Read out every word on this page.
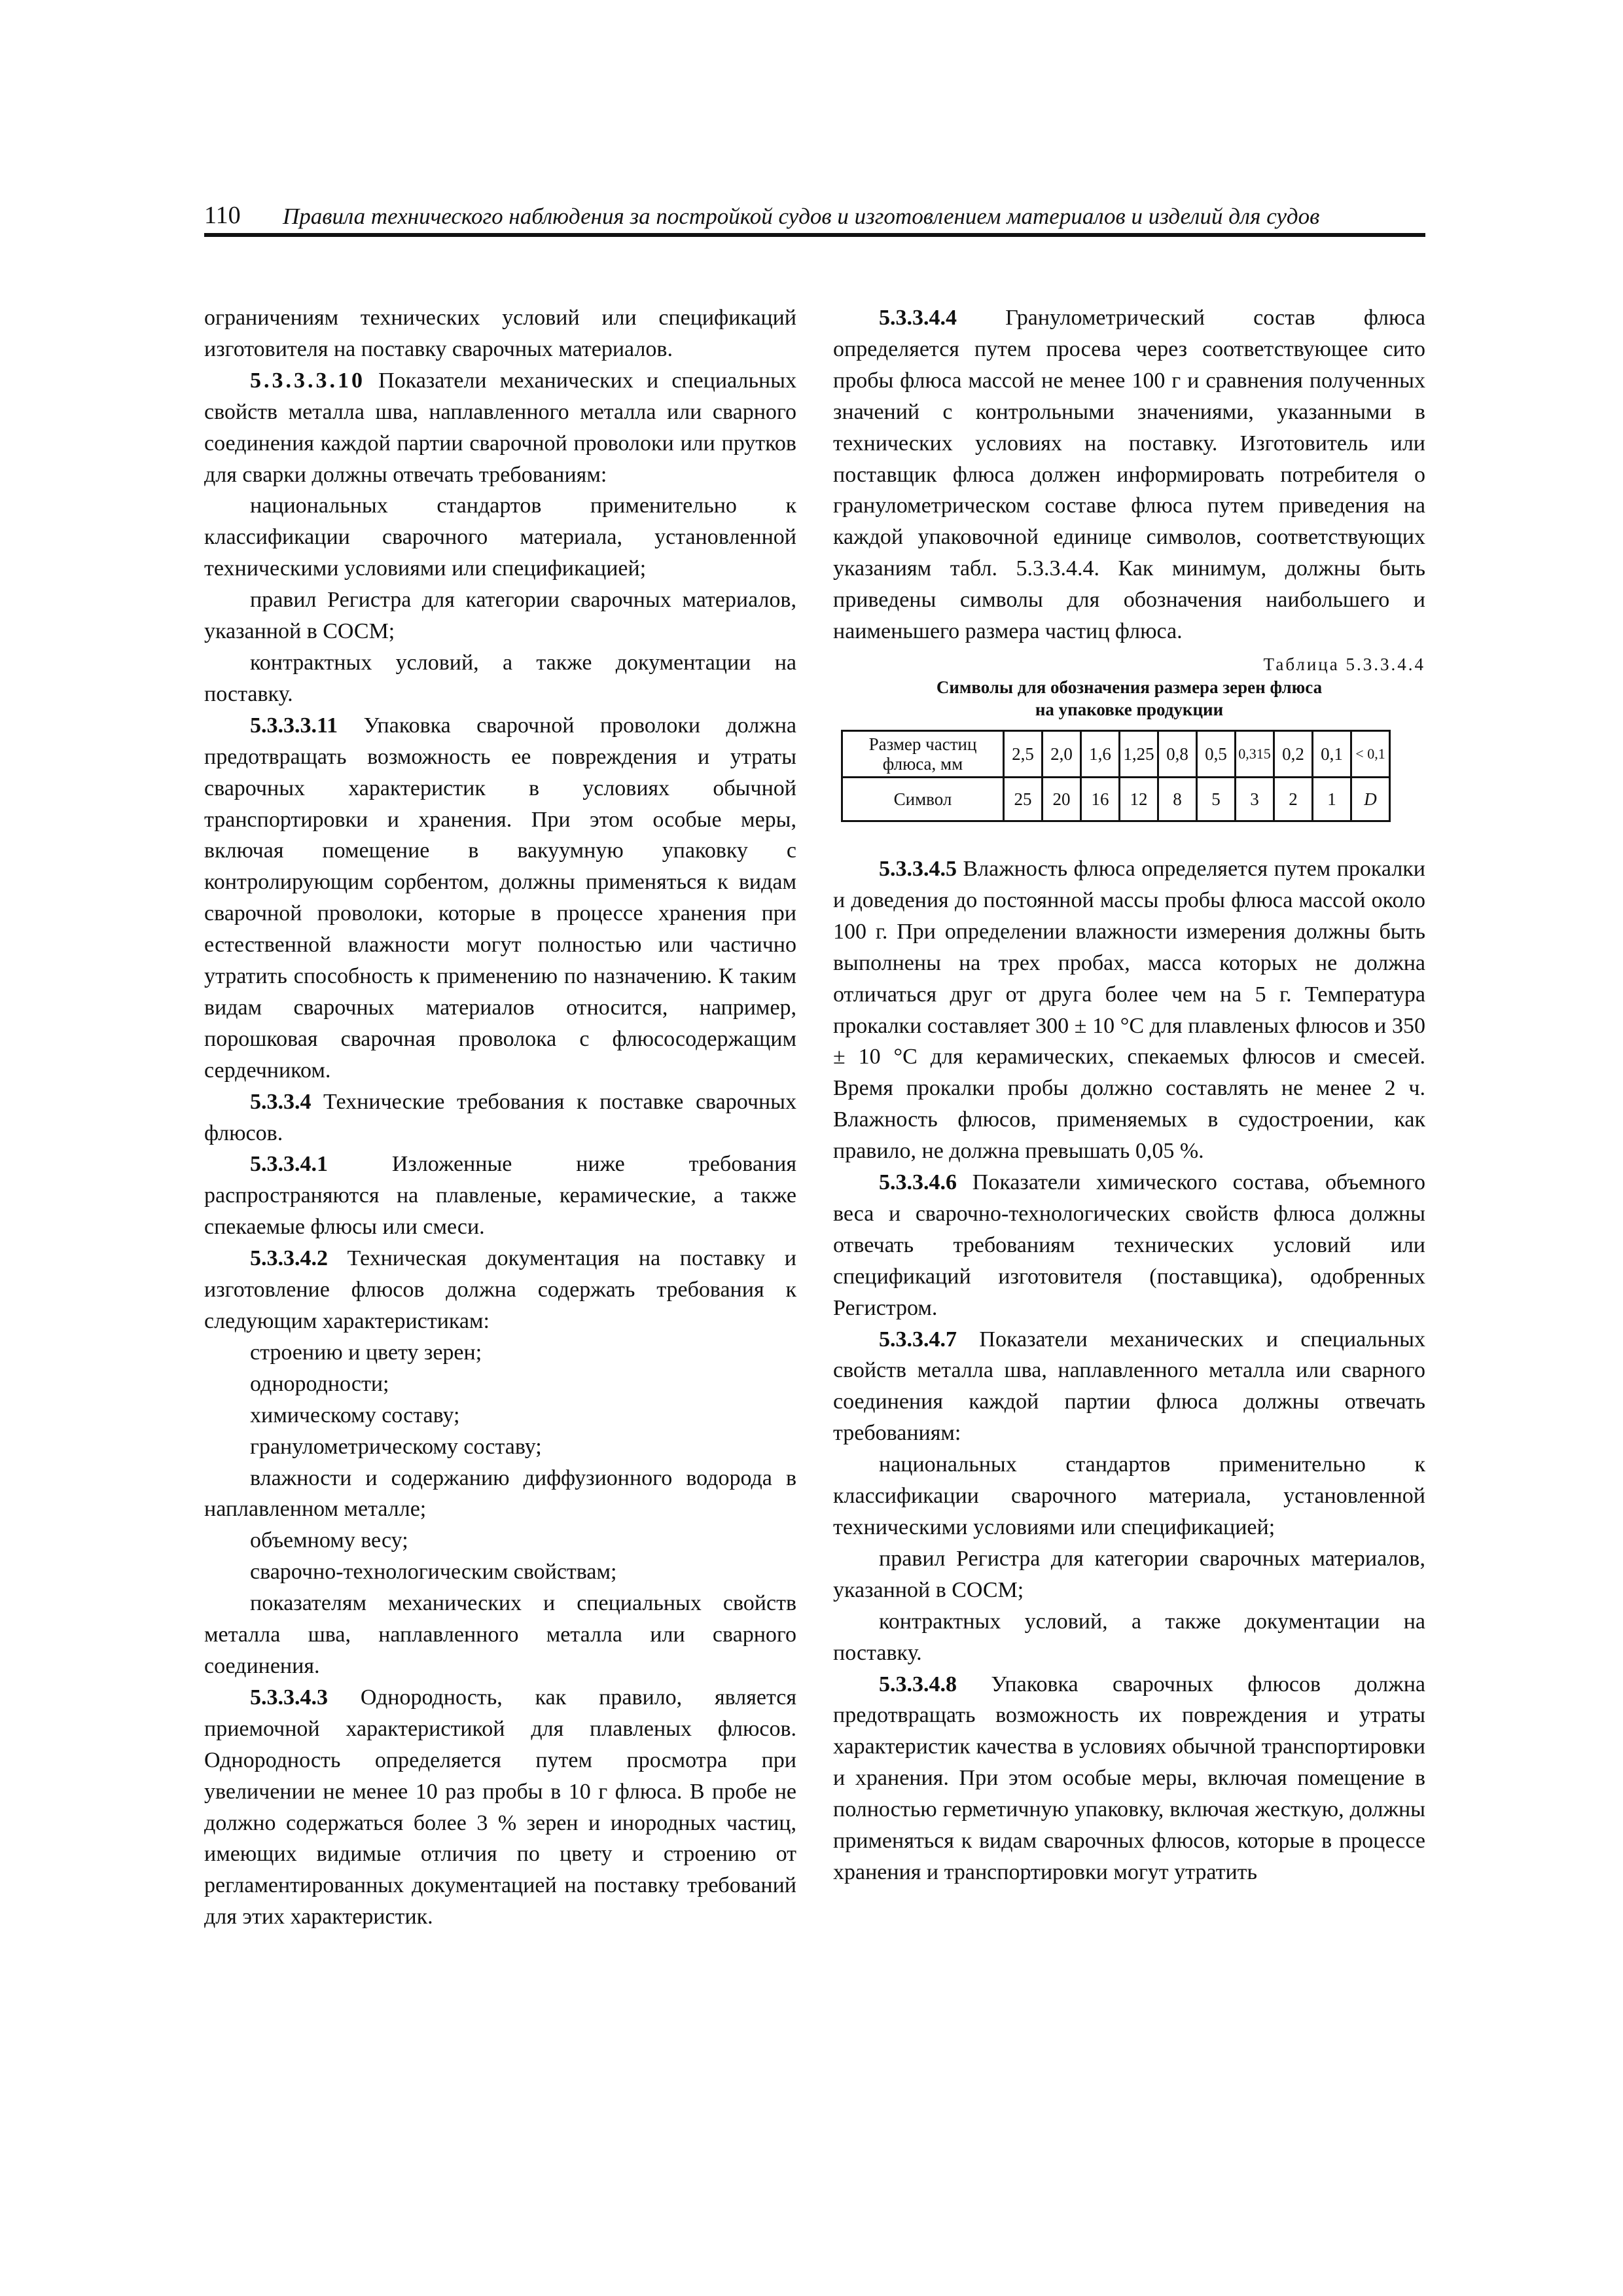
110	Правила технического наблюдения за постройкой судов и изготовлением материалов и изделий для судов

ограничениям технических условий или спецификаций изготовителя на поставку сварочных материалов.

5.3.3.3.10 Показатели механических и специальных свойств металла шва, наплавленного металла или сварного соединения каждой партии сварочной проволоки или прутков для сварки должны отвечать требованиям:

национальных стандартов применительно к классификации сварочного материала, установленной техническими условиями или спецификацией;

правил Регистра для категории сварочных материалов, указанной в СОСМ;

контрактных условий, а также документации на поставку.

5.3.3.3.11 Упаковка сварочной проволоки должна предотвращать возможность ее повреждения и утраты сварочных характеристик в условиях обычной транспортировки и хранения. При этом особые меры, включая помещение в вакуумную упаковку с контролирующим сорбентом, должны применяться к видам сварочной проволоки, которые в процессе хранения при естественной влажности могут полностью или частично утратить способность к применению по назначению. К таким видам сварочных материалов относится, например, порошковая сварочная проволока с флюсосодержащим сердечником.

5.3.3.4 Технические требования к поставке сварочных флюсов.

5.3.3.4.1 Изложенные ниже требования распространяются на плавленые, керамические, а также спекаемые флюсы или смеси.

5.3.3.4.2 Техническая документация на поставку и изготовление флюсов должна содержать требования к следующим характеристикам:

строению и цвету зерен;

однородности;

химическому составу;

гранулометрическому составу;

влажности и содержанию диффузионного водорода в наплавленном металле;

объемному весу;

сварочно-технологическим свойствам;

показателям механических и специальных свойств металла шва, наплавленного металла или сварного соединения.

5.3.3.4.3 Однородность, как правило, является приемочной характеристикой для плавленых флюсов. Однородность определяется путем просмотра при увеличении не менее 10 раз пробы в 10 г флюса. В пробе не должно содержаться более 3 % зерен и инородных частиц, имеющих видимые отличия по цвету и строению от регламентированных документацией на поставку требований для этих характеристик.

5.3.3.4.4 Гранулометрический состав флюса определяется путем просева через соответствующее сито пробы флюса массой не менее 100 г и сравнения полученных значений с контрольными значениями, указанными в технических условиях на поставку. Изготовитель или поставщик флюса должен информировать потребителя о гранулометрическом составе флюса путем приведения на каждой упаковочной единице символов, соответствующих указаниям табл. 5.3.3.4.4. Как минимум, должны быть приведены символы для обозначения наибольшего и наименьшего размера частиц флюса.

Таблица 5.3.3.4.4
Символы для обозначения размера зерен флюса
на упаковке продукции
Размер частиц флюса, мм	2,5	2,0	1,6	1,25	0,8	0,5	0,315	0,2	0,1	< 0,1
Символ	25	20	16	12	8	5	3	2	1	D

5.3.3.4.5 Влажность флюса определяется путем прокалки и доведения до постоянной массы пробы флюса массой около 100 г. При определении влажности измерения должны быть выполнены на трех пробах, масса которых не должна отличаться друг от друга более чем на 5 г. Температура прокалки составляет 300 ± 10 °С для плавленых флюсов и 350 ± 10 °С для керамических, спекаемых флюсов и смесей. Время прокалки пробы должно составлять не менее 2 ч. Влажность флюсов, применяемых в судостроении, как правило, не должна превышать 0,05 %.

5.3.3.4.6 Показатели химического состава, объемного веса и сварочно-технологических свойств флюса должны отвечать требованиям технических условий или спецификаций изготовителя (поставщика), одобренных Регистром.

5.3.3.4.7 Показатели механических и специальных свойств металла шва, наплавленного металла или сварного соединения каждой партии флюса должны отвечать требованиям:

национальных стандартов применительно к классификации сварочного материала, установленной техническими условиями или спецификацией;

правил Регистра для категории сварочных материалов, указанной в СОСМ;

контрактных условий, а также документации на поставку.

5.3.3.4.8 Упаковка сварочных флюсов должна предотвращать возможность их повреждения и утраты характеристик качества в условиях обычной транспортировки и хранения. При этом особые меры, включая помещение в полностью герметичную упаковку, включая жесткую, должны применяться к видам сварочных флюсов, которые в процессе хранения и транспортировки могут утратить
